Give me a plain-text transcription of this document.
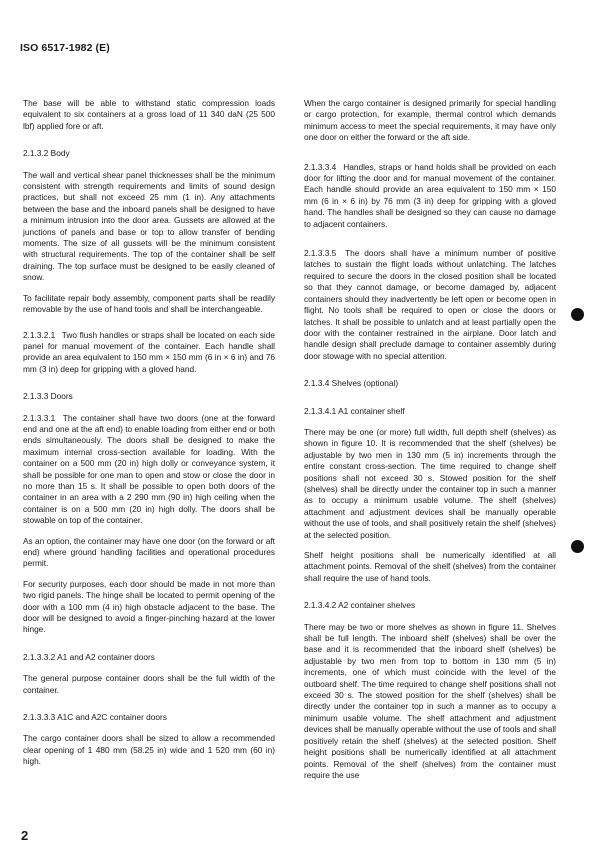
ISO 6517-1982 (E)

The base will be able to withstand static compression loads equivalent to six containers at a gross load of 11 340 daN (25 500 lbf) applied fore or aft.

2.1.3.2 Body

The wall and vertical shear panel thicknesses shall be the minimum consistent with strength requirements and limits of sound design practices, but shall not exceed 25 mm (1 in). Any attachments between the base and the inboard panels shall be designed to have a minimum intrusion into the door area. Gussets are allowed at the junctions of panels and base or top to allow transfer of bending moments. The size of all gussets will be the minimum consistent with structural requirements. The top of the container shall be self draining. The top surface must be designed to be easily cleaned of snow.

To facilitate repair body assembly, component parts shall be readily removable by the use of hand tools and shall be interchangeable.

2.1.3.2.1 Two flush handles or straps shall be located on each side panel for manual movement of the container. Each handle shall provide an area equivalent to 150 mm × 150 mm (6 in × 6 in) and 76 mm (3 in) deep for gripping with a gloved hand.

2.1.3.3 Doors

2.1.3.3.1 The container shall have two doors (one at the forward end and one at the aft end) to enable loading from either end or both ends simultaneously. The doors shall be designed to make the maximum internal cross-section available for loading. With the container on a 500 mm (20 in) high dolly or conveyance system, it shall be possible for one man to open and stow or close the door in no more than 15 s. It shall be possible to open both doors of the container in an area with a 2 290 mm (90 in) high ceiling when the container is on a 500 mm (20 in) high dolly. The doors shall be stowable on top of the container.

As an option, the container may have one door (on the forward or aft end) where ground handling facilities and operational procedures permit.

For security purposes, each door should be made in not more than two rigid panels. The hinge shall be located to permit opening of the door with a 100 mm (4 in) high obstacle adjacent to the base. The door will be designed to avoid a finger-pinching hazard at the lower hinge.

2.1.3.3.2 A1 and A2 container doors

The general purpose container doors shall be the full width of the container.

2.1.3.3.3 A1C and A2C container doors

The cargo container doors shall be sized to allow a recommended clear opening of 1 480 mm (58.25 in) wide and 1 520 mm (60 in) high.

When the cargo container is designed primarily for special handling or cargo protection, for example, thermal control which demands minimum access to meet the special requirements, it may have only one door on either the forward or the aft side.

2.1.3.3.4 Handles, straps or hand holds shall be provided on each door for lifting the door and for manual movement of the container. Each handle should provide an area equivalent to 150 mm × 150 mm (6 in × 6 in) by 76 mm (3 in) deep for gripping with a gloved hand. The handles shall be designed so they can cause no damage to adjacent containers.

2.1.3.3.5 The doors shall have a minimum number of positive latches to sustain the flight loads without unlatching. The latches required to secure the doors in the closed position shall be located so that they cannot damage, or become damaged by, adjacent containers should they inadvertently be left open or become open in flight. No tools shall be required to open or close the doors or latches. It shall be possible to unlatch and at least partially open the door with the container restrained in the airplane. Door latch and handle design shall preclude damage to container assembly during door stowage with no special attention.

2.1.3.4 Shelves (optional)
2.1.3.4.1 A1 container shelf

There may be one (or more) full width, full depth shelf (shelves) as shown in figure 10. It is recommended that the shelf (shelves) be adjustable by two men in 130 mm (5 in) increments through the entire constant cross-section. The time required to change shelf positions shall not exceed 30 s. Stowed position for the shelf (shelves) shall be directly under the container top in such a manner as to occupy a minimum usable volume. The shelf (shelves) attachment and adjustment devices shall be manually operable without the use of tools, and shall positively retain the shelf (shelves) at the selected position.

Shelf height positions shall be numerically identified at all attachment points. Removal of the shelf (shelves) from the container shall require the use of hand tools.

2.1.3.4.2 A2 container shelves

There may be two or more shelves as shown in figure 11. Shelves shall be full length. The inboard shelf (shelves) shall be over the base and it is recommended that the inboard shelf (shelves) be adjustable by two men from top to bottom in 130 mm (5 in) increments, one of which must coincide with the level of the outboard shelf. The time required to change shelf positions shall not exceed 30 s. The stowed position for the shelf (shelves) shall be directly under the container top in such a manner as to occupy a minimum usable volume. The shelf attachment and adjustment devices shall be manually operable without the use of tools and shall positively retain the shelf (shelves) at the selected position. Shelf height positions shall be numerically identified at all attachment points. Removal of the shelf (shelves) from the container must require the use

2
